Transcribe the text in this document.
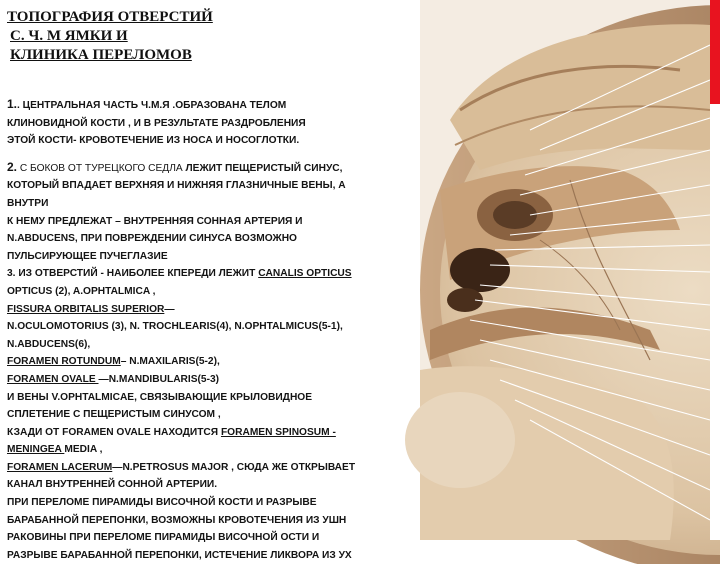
ТОПОГРАФИЯ ОТВЕРСТИЙ
С. Ч. М ЯМКИ И
КЛИНИКА ПЕРЕЛОМОВ
1.. ЦЕНТРАЛЬНАЯ ЧАСТЬ Ч.М.Я .ОБРАЗОВАНА ТЕЛОМ
КЛИНОВИДНОЙ КОСТИ , И В РЕЗУЛЬТАТЕ РАЗДРОБЛЕНИЯ
ЭТОЙ КОСТИ- КРОВОТЕЧЕНИЕ ИЗ НОСА И НОСОГЛОТКИ.
2. С БОКОВ ОТ ТУРЕЦКОГО СЕДЛА ЛЕЖИТ ПЕЩЕРИСТЫЙ СИНУС,
КОТОРЫЙ ВПАДАЕТ ВЕРХНЯЯ И НИЖНЯЯ ГЛАЗНИЧНЫЕ ВЕНЫ, А
ВНУТРИ
К НЕМУ ПРЕДЛЕЖАТ – ВНУТРЕННЯЯ СОННАЯ АРТЕРИЯ И
N.ABDUCENS, ПРИ ПОВРЕЖДЕНИИ СИНУСА ВОЗМОЖНО
ПУЛЬСИРУЮЩЕЕ ПУЧЕГЛАЗИЕ
3. ИЗ ОТВЕРСТИЙ - НАИБОЛЕЕ КПЕРЕДИ ЛЕЖИТ CANALIS OPTICUS
OPTICUS (2), A.OPHTALMICA ,
FISSURA ORBITALIS SUPERIOR—
N.OCULOMOTORIUS (3), N. TROCHLEARIS(4), N.OPHTALMICUS(5-1),
N.ABDUCENS(6),
FORAMEN ROTUNDUM– N.MAXILARIS(5-2),
FORAMEN OVALE —N.MANDIBULARIS(5-3)
И ВЕНЫ V.OPHTALMICAE, СВЯЗЫВАЮЩИЕ КРЫЛОВИДНОЕ
СПЛЕТЕНИЕ С ПЕЩЕРИСТЫМ СИНУСОМ ,
КЗАДИ ОТ FORAMEN OVALE НАХОДИТСЯ FORAMEN SPINOSUM -
MENINGEA MEDIA ,
FORAMEN LACERUM—N.PETROSUS MAJOR , СЮДА ЖЕ ОТКРЫВАЕТ
КАНАЛ ВНУТРЕННЕЙ СОННОЙ АРТЕРИИ.
ПРИ ПЕРЕЛОМЕ ПИРАМИДЫ ВИСОЧНОЙ КОСТИ И РАЗРЫВЕ
БАРАБАННОЙ ПЕРЕПОНКИ, ВОЗМОЖНЫ КРОВОТЕЧЕНИЯ ИЗ УШН
РАКОВИНЫ ПРИ ПЕРЕЛОМЕ ПИРАМИДЫ ВИСОЧНОЙ ОСТИ И
РАЗРЫВЕ БАРАБАННОЙ ПЕРЕПОНКИ, ИСТЕЧЕНИЕ ЛИКВОРА ИЗ УХ
